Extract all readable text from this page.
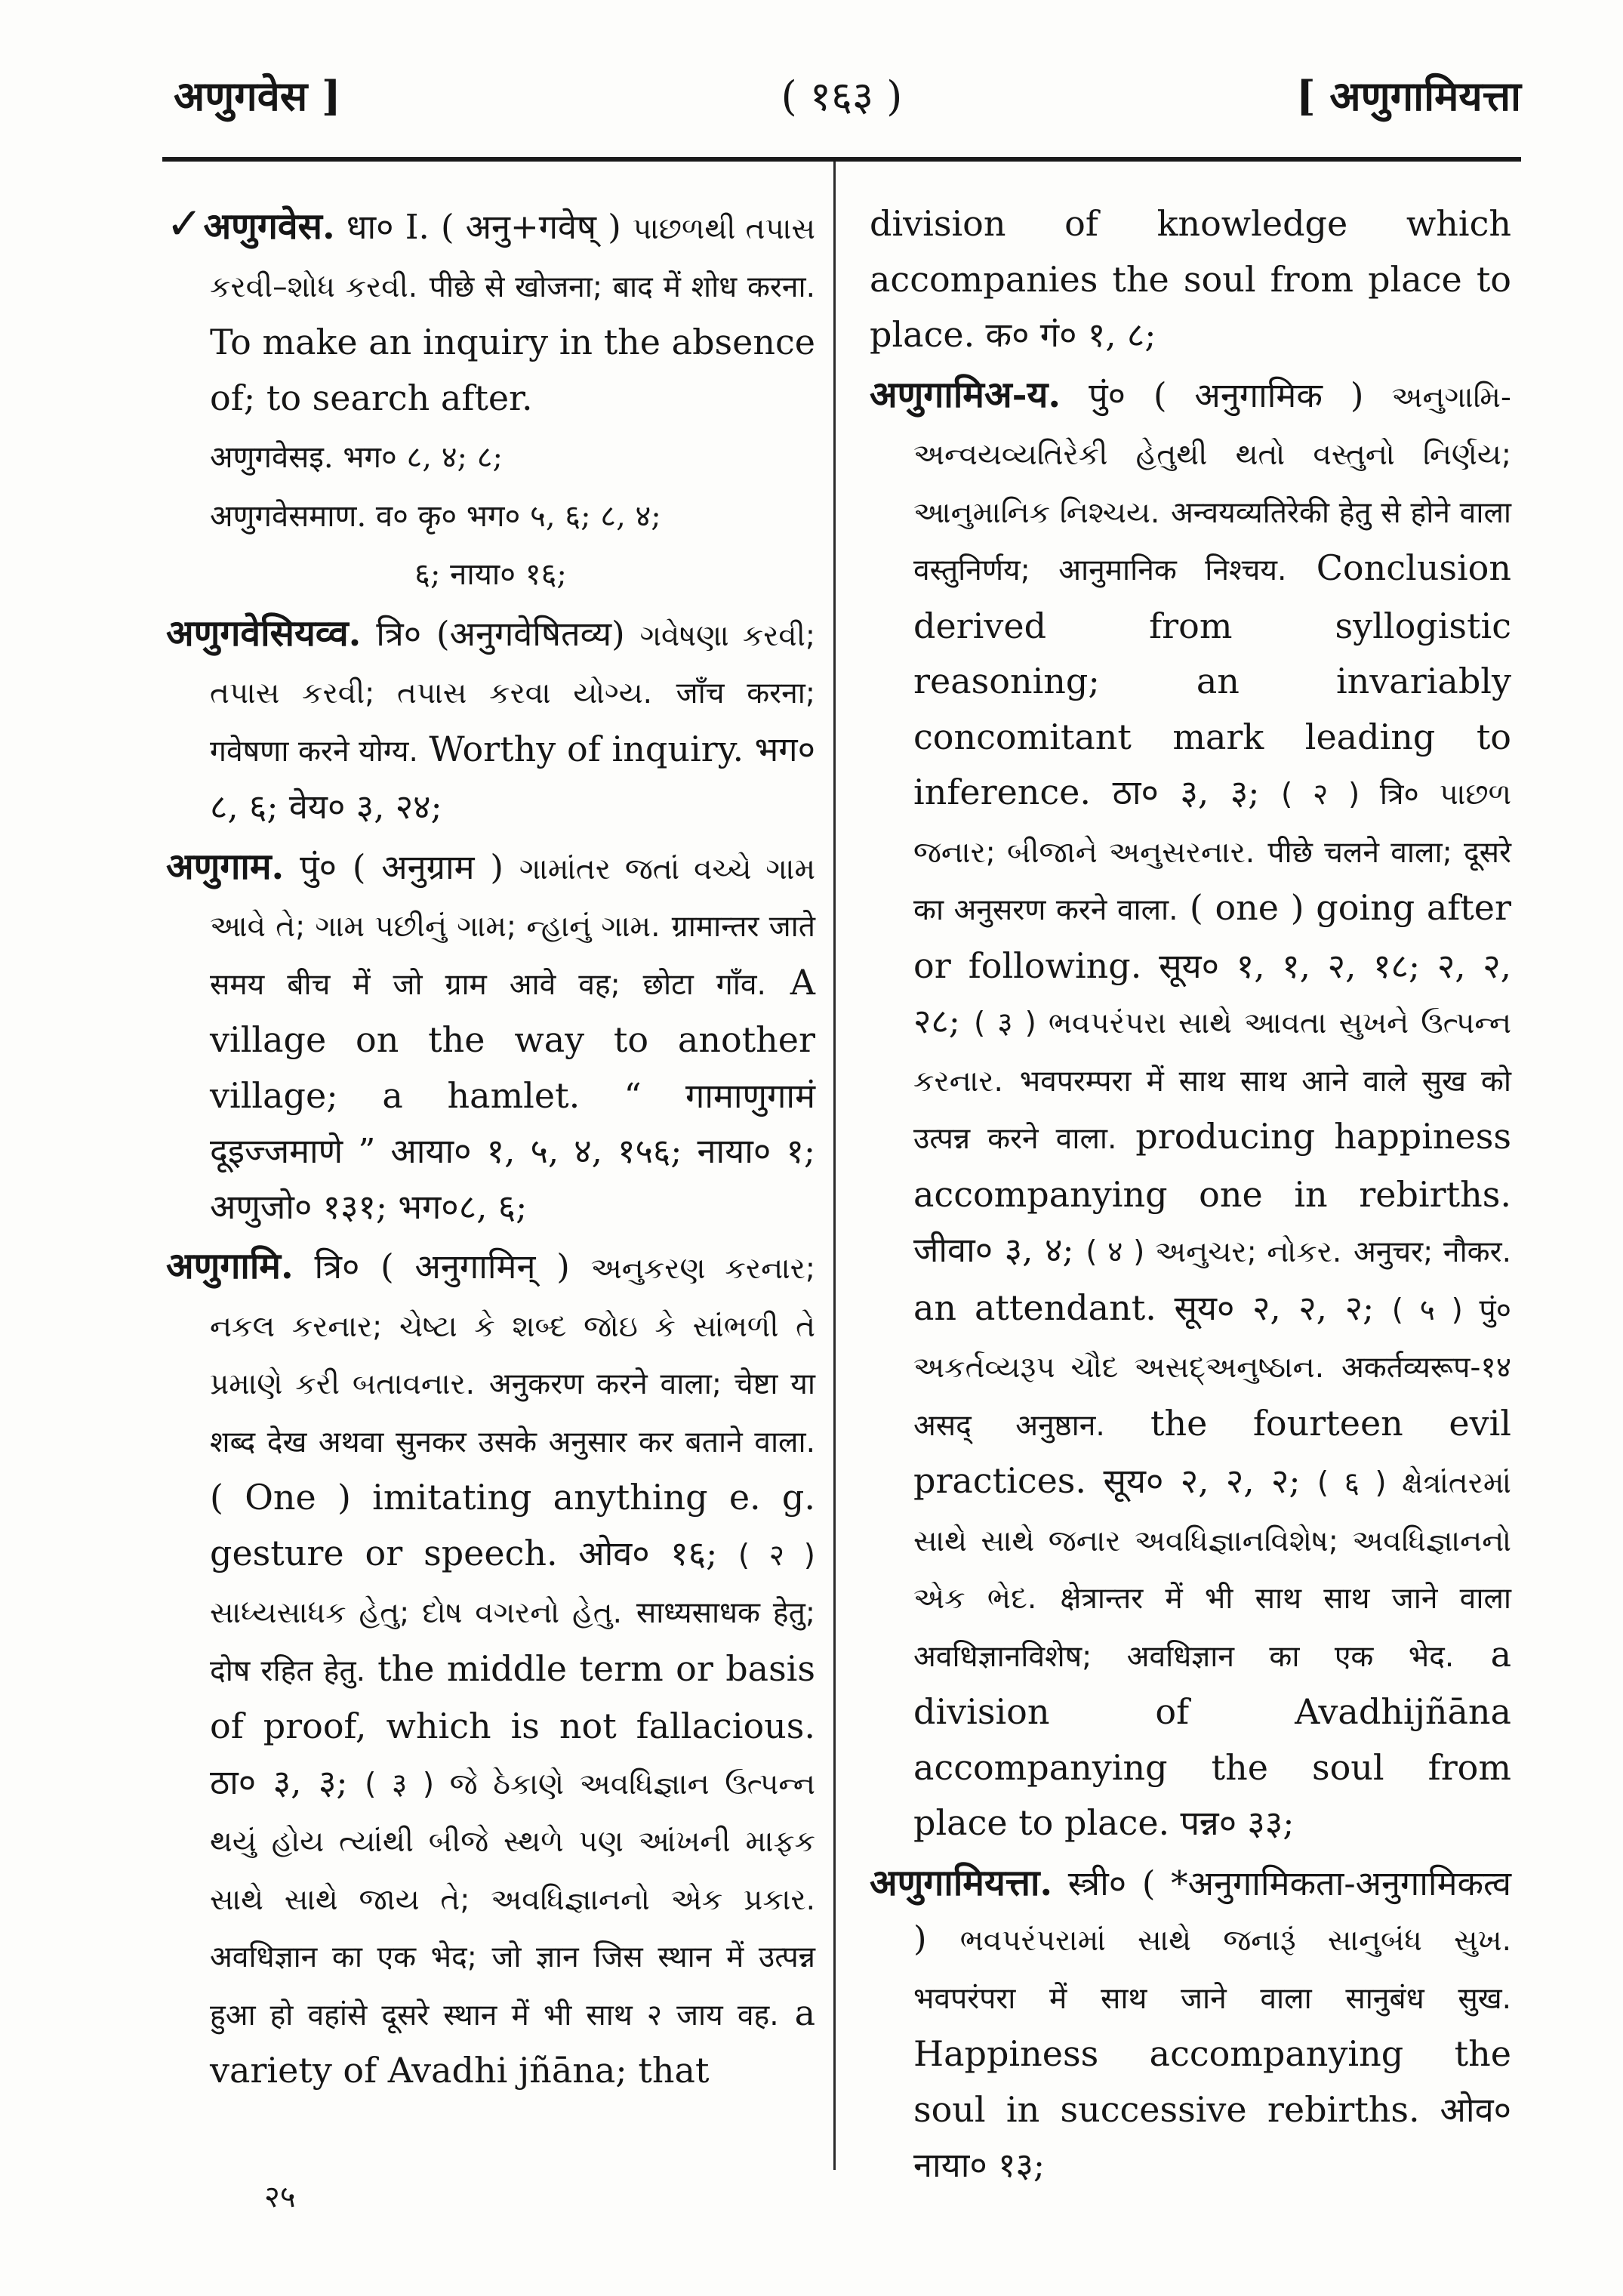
अणुगवेस ]	( १६३ )	[ अणुगामियत्ता

✓अणुगवेस. धा० I. ( अनु+गवेष् ) પાછળથી તપાસ કરવી–શોધ કરવી. पीछे से खोजना; बाद में शोध करना. To make an inquiry in the absence of; to search after.

अणुगवेसइ. भग० ८, ४; ८;

अणुगवेसमाण. व० कृ० भग० ५, ६; ८, ४;

६; नाया० १६;

अणुगवेसियव्व. त्रि० (अनुगवेषितव्य) ગવેષણા કરવી; તપાસ કરવી; તપાસ કરવા યોગ્ય. जाँच करना; गवेषणा करने योग्य. Worthy of inquiry. भग० ८, ६; वेय० ३, २४;

अणुगाम. पुं० ( अनुग्राम ) ગામાંતર જતાં વચ્ચે ગામ આવે તે; ગામ પછીનું ગામ; ન્હાનું ગામ. ग्रामान्तर जाते समय बीच में जो ग्राम आवे वह; छोटा गाँव. A village on the way to another village; a hamlet. “ गामाणुगामं दूइज्जमाणे ” आया० १, ५, ४, १५६; नाया० १; अणुजो० १३१; भग०८, ६;

अणुगामि. त्रि० ( अनुगामिन् ) અનુકરણ કરનાર; નકલ કરનાર; ચેષ્ટા કે શબ્દ જોઇ કે સાંભળી તે પ્રમાણે કરી બતાવનાર. अनुकरण करने वाला; चेष्टा या शब्द देख अथवा सुनकर उसके अनुसार कर बताने वाला. ( One ) imitating anything e. g. gesture or speech. ओव० १६; ( २ ) સાધ્યસાધક હેતુ; દોષ વગરનો હેતુ. साध्यसाधक हेतु; दोष रहित हेतु. the middle term or basis of proof, which is not fallacious. ठा० ३, ३; ( ३ ) જે ઠેકાણે અવધિજ્ઞાન ઉત્પન્ન થયું હોય ત્યાંથી બીજે સ્થળે પણ આંખની માફક સાથે સાથે જાય તે; અવધિજ્ઞાનનો એક પ્રકાર. अवधिज्ञान का एक भेद; जो ज्ञान जिस स्थान में उत्पन्न हुआ हो वहांसे दूसरे स्थान में भी साथ २ जाय वह. a variety of Avadhi jñāna; that

division of knowledge which accompanies the soul from place to place. क० गं० १, ८;

अणुगामिअ-य. पुं० ( अनुगामिक ) અનુગામિ-અન્વયવ્યતિરેકી હેતુથી થતો વસ્તુનો નિર્ણય; આનુમાનિક નિશ્ચય. अन्वयव्यतिरेकी हेतु से होने वाला वस्तुनिर्णय; आनुमानिक निश्चय. Conclusion derived from syllogistic reasoning; an invariably concomitant mark leading to inference. ठा० ३, ३; ( २ ) त्रि० પાછળ જનાર; બીજાને અનુસરનાર. पीछे चलने वाला; दूसरे का अनुसरण करने वाला. ( one ) going after or following. सूय० १, १, २, १८; २, २, २८; ( ३ ) ભવપરંપરા સાથે આવતા સુખને ઉત્પન્ન કરનાર. भवपरम्परा में साथ साथ आने वाले सुख को उत्पन्न करने वाला. producing happiness accompanying one in rebirths. जीवा० ३, ४; ( ४ ) અનુચર; નોકર. अनुचर; नौकर. an attendant. सूय० २, २, २; ( ५ ) पुं० અકર્તવ્યરૂપ ચૌદ અસદ્અનુષ્ઠાન. अकर्तव्यरूप-१४ असद् अनुष्ठान. the fourteen evil practices. सूय० २, २, २; ( ६ ) ક્ષેત્રાંતરમાં સાથે સાથે જનાર અવધિજ્ઞાનવિશેષ; અવધિજ્ઞાનનો એક ભેદ. क्षेत्रान्तर में भी साथ साथ जाने वाला अवधिज्ञानविशेष; अवधिज्ञान का एक भेद. a division of Avadhijñāna accompanying the soul from place to place. पन्न० ३३;

अणुगामियत्ता. स्त्री० ( *अनुगामिकता-अनुगामिकत्व ) ભવપરંપરામાં સાથે જનારૂં સાનુબંધ સુખ. भवपरंपरा में साथ जाने वाला सानुबंध सुख. Happiness accompanying the soul in successive rebirths. ओव० नाया० १३;

२५
